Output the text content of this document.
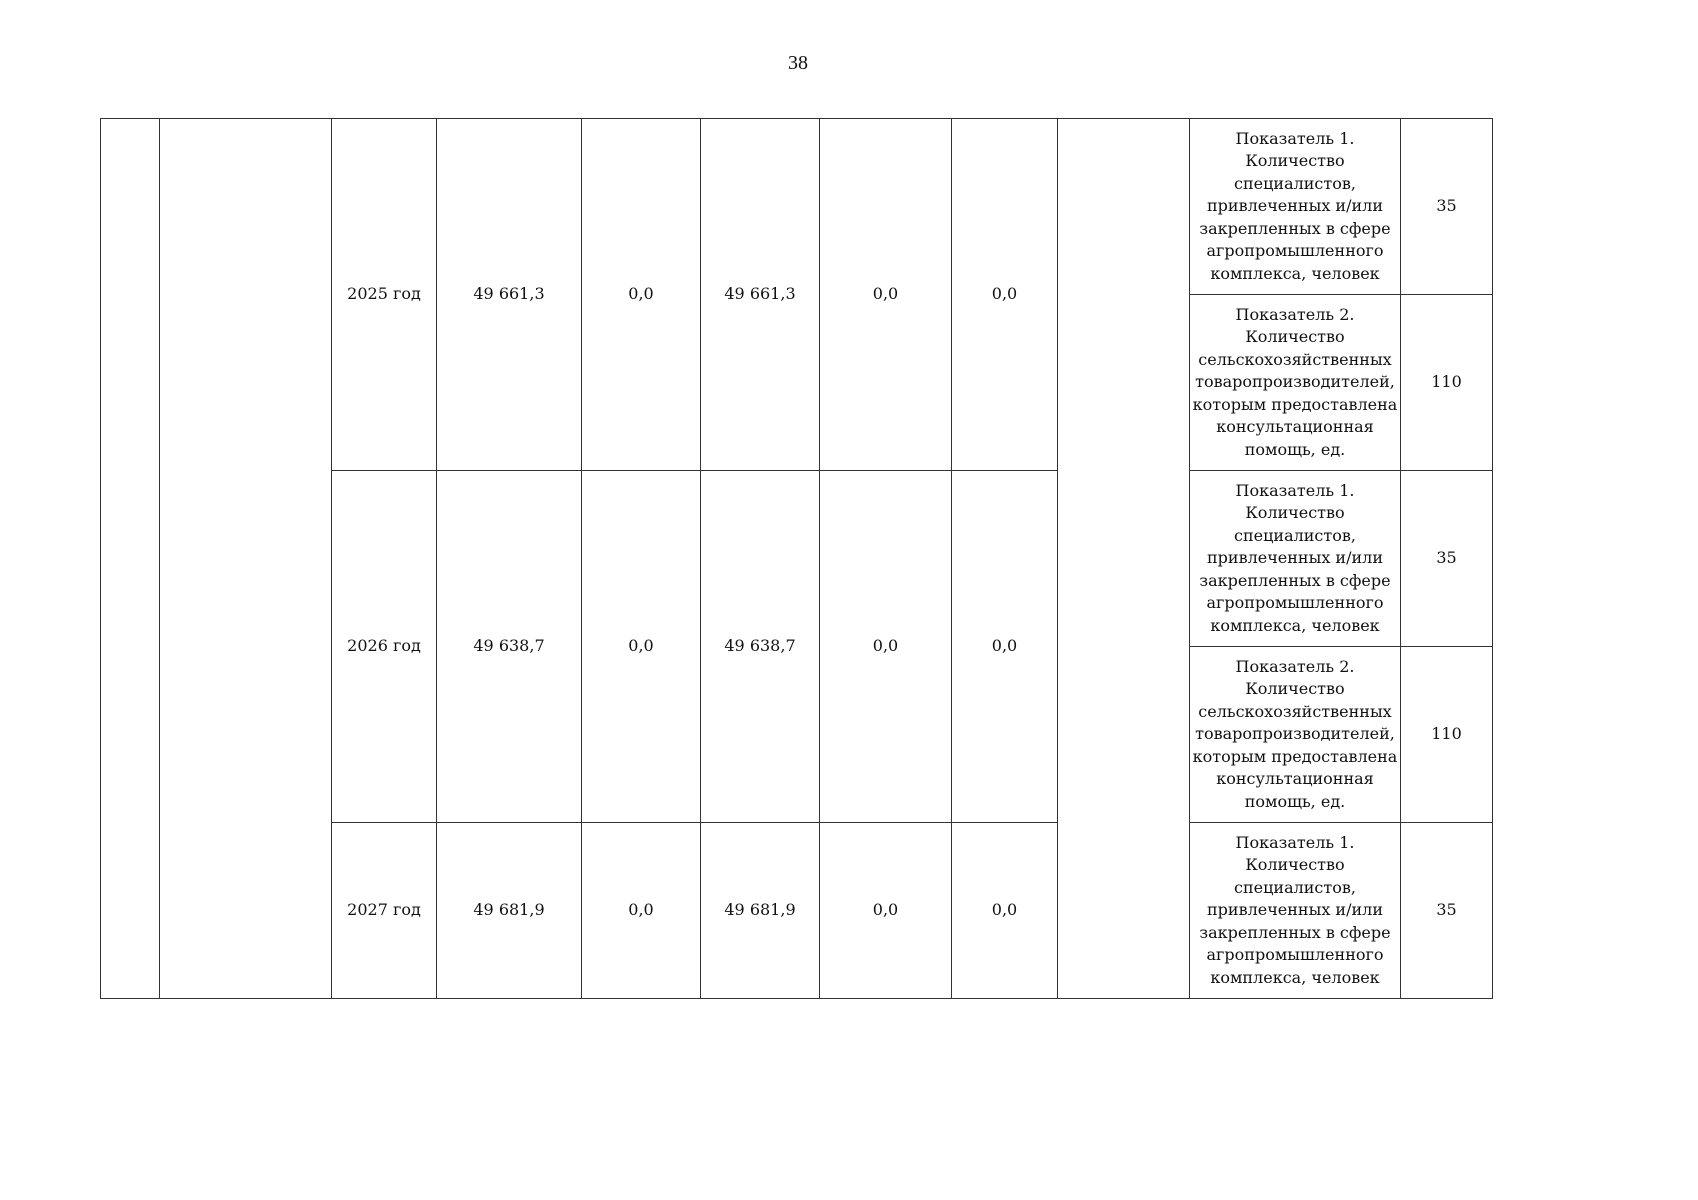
38
		2025 год	49 661,3	0,0	49 661,3	0,0	0,0		Показатель 1. Количество специалистов, привлеченных и/или закрепленных в сфере агропромышленного комплекса, человек	35
									Показатель 2. Количество сельскохозяйственных товаропроизводителей, которым предоставлена консультационная помощь, ед.	110
		2026 год	49 638,7	0,0	49 638,7	0,0	0,0		Показатель 1. Количество специалистов, привлеченных и/или закрепленных в сфере агропромышленного комплекса, человек	35
									Показатель 2. Количество сельскохозяйственных товаропроизводителей, которым предоставлена консультационная помощь, ед.	110
		2027 год	49 681,9	0,0	49 681,9	0,0	0,0		Показатель 1. Количество специалистов, привлеченных и/или закрепленных в сфере агропромышленного комплекса, человек	35
